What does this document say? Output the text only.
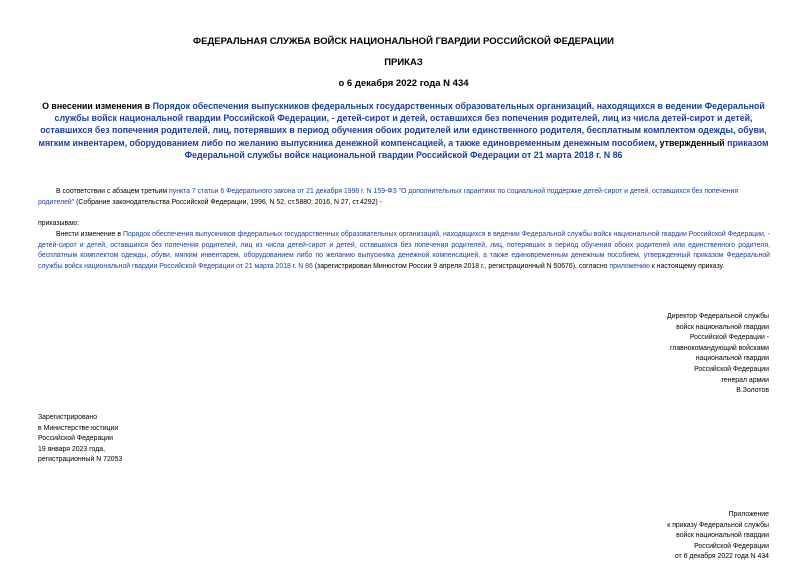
ФЕДЕРАЛЬНАЯ СЛУЖБА ВОЙСК НАЦИОНАЛЬНОЙ ГВАРДИИ РОССИЙСКОЙ ФЕДЕРАЦИИ
ПРИКАЗ
о 6 декабря 2022 года N 434
О внесении изменения в Порядок обеспечения выпускников федеральных государственных образовательных организаций, находящихся в ведении Федеральной службы войск национальной гвардии Российской Федерации, - детей-сирот и детей, оставшихся без попечения родителей, лиц из числа детей-сирот и детей, оставшихся без попечения родителей, лиц, потерявших в период обучения обоих родителей или единственного родителя, бесплатным комплектом одежды, обуви, мягким инвентарем, оборудованием либо по желанию выпускника денежной компенсацией, а также единовременным денежным пособием, утвержденный приказом Федеральной службы войск национальной гвардии Российской Федерации от 21 марта 2018 г. N 86

В соответствии с абзацем третьим пункта 7 статьи 6 Федерального закона от 21 декабря 1996 г. N 159-ФЗ "О дополнительных гарантиях по социальной поддержке детей-сирот и детей, оставшихся без попечения родителей" (Собрание законодательства Российской Федерации, 1996, N 52, ст.5880; 2016, N 27, ст.4292) -

приказываю:

Внести изменение в Порядок обеспечения выпускников федеральных государственных образовательных организаций, находящихся в ведении Федеральной службы войск национальной гвардии Российской Федерации, - детей-сирот и детей, оставшихся без попечения родителей, лиц из числа детей-сирот и детей, оставшихся без попечения родителей, лиц, потерявших в период обучения обоих родителей или единственного родителя, бесплатным комплектом одежды, обуви, мягким инвентарем, оборудованием либо по желанию выпускника денежной компенсацией, а также единовременным денежным пособием, утвержденный приказом Федеральной службы войск национальной гвардии Российской Федерации от 21 марта 2018 г. N 86 (зарегистрирован Минюстом России 9 апреля 2018 г., регистрационный N 50676), согласно приложению к настоящему приказу.

Директор Федеральной службы
войск национальной гвардии
Российской Федерации -
главнокомандующий войсками
национальной гвардии
Российской Федерации
генерал армии
В.Золотов
Зарегистрировано
в Министерстве юстиции
Российской Федерации
19 января 2023 года,
регистрационный N 72053
Приложение
к приказу Федеральной службы
войск национальной гвардии
Российской Федерации
от 6 декабря 2022 года N 434
